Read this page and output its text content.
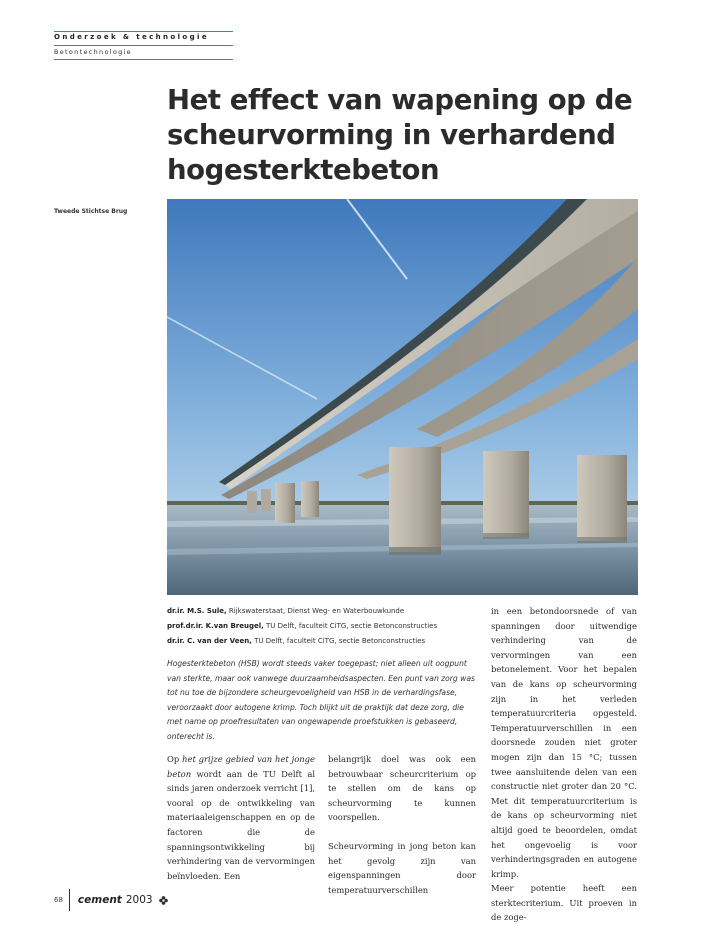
Onderzoek & technologie
Betontechnologie
Het effect van wapening op de scheurvorming in verhardend hogesterktebeton
Tweede Stichtse Brug
dr.ir. M.S. Sule, Rijkswaterstaat, Dienst Weg- en Waterbouwkunde
prof.dr.ir. K.van Breugel, TU Delft, faculteit CiTG, sectie Betonconstructies
dr.ir. C. van der Veen, TU Delft, faculteit CiTG, sectie Betonconstructies

Hogesterktebeton (HSB) wordt steeds vaker toegepast; niet alleen uit oogpunt van sterkte, maar ook vanwege duurzaamheidsaspecten. Een punt van zorg was tot nu toe de bijzondere scheurgevoeligheid van HSB in de verhardingsfase, veroorzaakt door autogene krimp. Toch blijkt uit de praktijk dat deze zorg, die met name op proefresultaten van ongewapende proefstukken is gebaseerd, onterecht is.

Op het grijze gebied van het jonge beton wordt aan de TU Delft al sinds jaren onderzoek verricht [1], vooral op de ontwikkeling van materiaaleigenschappen en op de factoren die de spanningsontwikkeling bij verhindering van de vervormingen beïnvloeden. Een

belangrijk doel was ook een betrouwbaar scheurcriterium op te stellen om de kans op scheurvorming te kunnen voorspellen.

Scheurvorming in jong beton kan het gevolg zijn van eigenspanningen door temperatuurverschillen

in een betondoorsnede of van spanningen door uitwendige verhindering van de vervormingen van een betonelement. Voor het bepalen van de kans op scheurvorming zijn in het verleden temperatuurcriteria opgesteld. Temperatuurverschillen in een doorsnede zouden niet groter mogen zijn dan 15 °C; tussen twee aansluitende delen van een constructie niet groter dan 20 °C. Met dit temperatuurcriterium is de kans op scheurvorming niet altijd goed te beoordelen, omdat het ongevoelig is voor verhinderingsgraden en autogene krimp.

Meer potentie heeft een sterktecriterium. Uit proeven in de zoge-

68 cement 2003
